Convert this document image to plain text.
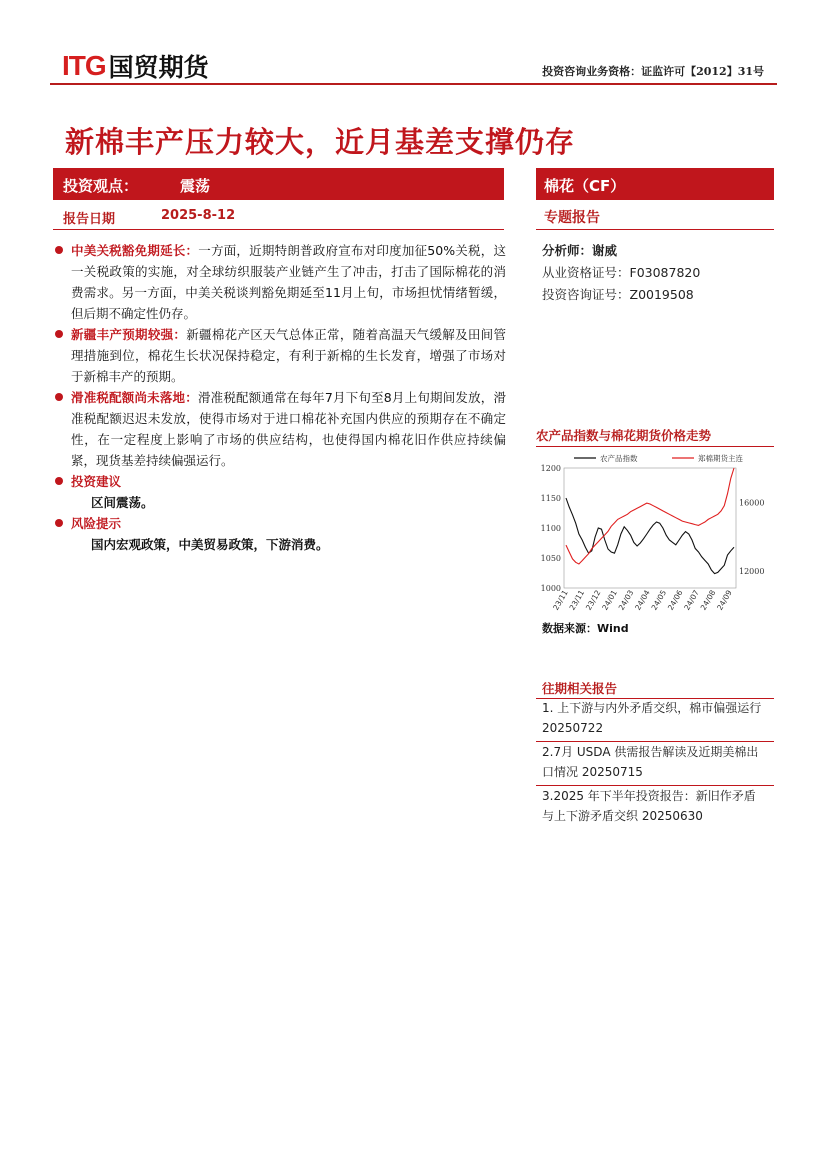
ITG 国贸期货	投资咨询业务资格：证监许可【2012】31号
新棉丰产压力较大，近月基差支撑仍存
投资观点：	震荡
报告日期	2025-8-12
棉花（CF）
专题报告

中美关税豁免期延长：一方面，近期特朗普政府宣布对印度加征50%关税，这一关税政策的实施，对全球纺织服装产业链产生了冲击，打击了国际棉花的消费需求。另一方面，中美关税谈判豁免期延至11月上旬，市场担忧情绪暂缓，但后期不确定性仍存。

新疆丰产预期较强：新疆棉花产区天气总体正常，随着高温天气缓解及田间管理措施到位，棉花生长状况保持稳定，有利于新棉的生长发育，增强了市场对于新棉丰产的预期。

滑准税配额尚未落地：滑准税配额通常在每年7月下旬至8月上旬期间发放，滑准税配额迟迟未发放，使得市场对于进口棉花补充国内供应的预期存在不确定性，在一定程度上影响了市场的供应结构，也使得国内棉花旧作供应持续偏紧，现货基差持续偏强运行。

投资建议

区间震荡。

风险提示

国内宏观政策，中美贸易政策，下游消费。

分析师：谢威
从业资格证号：F03087820
投资咨询证号：Z0019508
农产品指数与棉花期货价格走势
1200
1150
1100
1050
1000
16000
12000
23/11
23/11
23/12
24/01
24/03
24/04
24/05
24/06
24/07
24/08
24/09
农产品指数	郑棉期货主连
数据来源：Wind
往期相关报告
1. 上下游与内外矛盾交织，棉市偏强运行 20250722
2.7月 USDA 供需报告解读及近期美棉出口情况 20250715
3.2025 年下半年投资报告：新旧作矛盾与上下游矛盾交织 20250630
